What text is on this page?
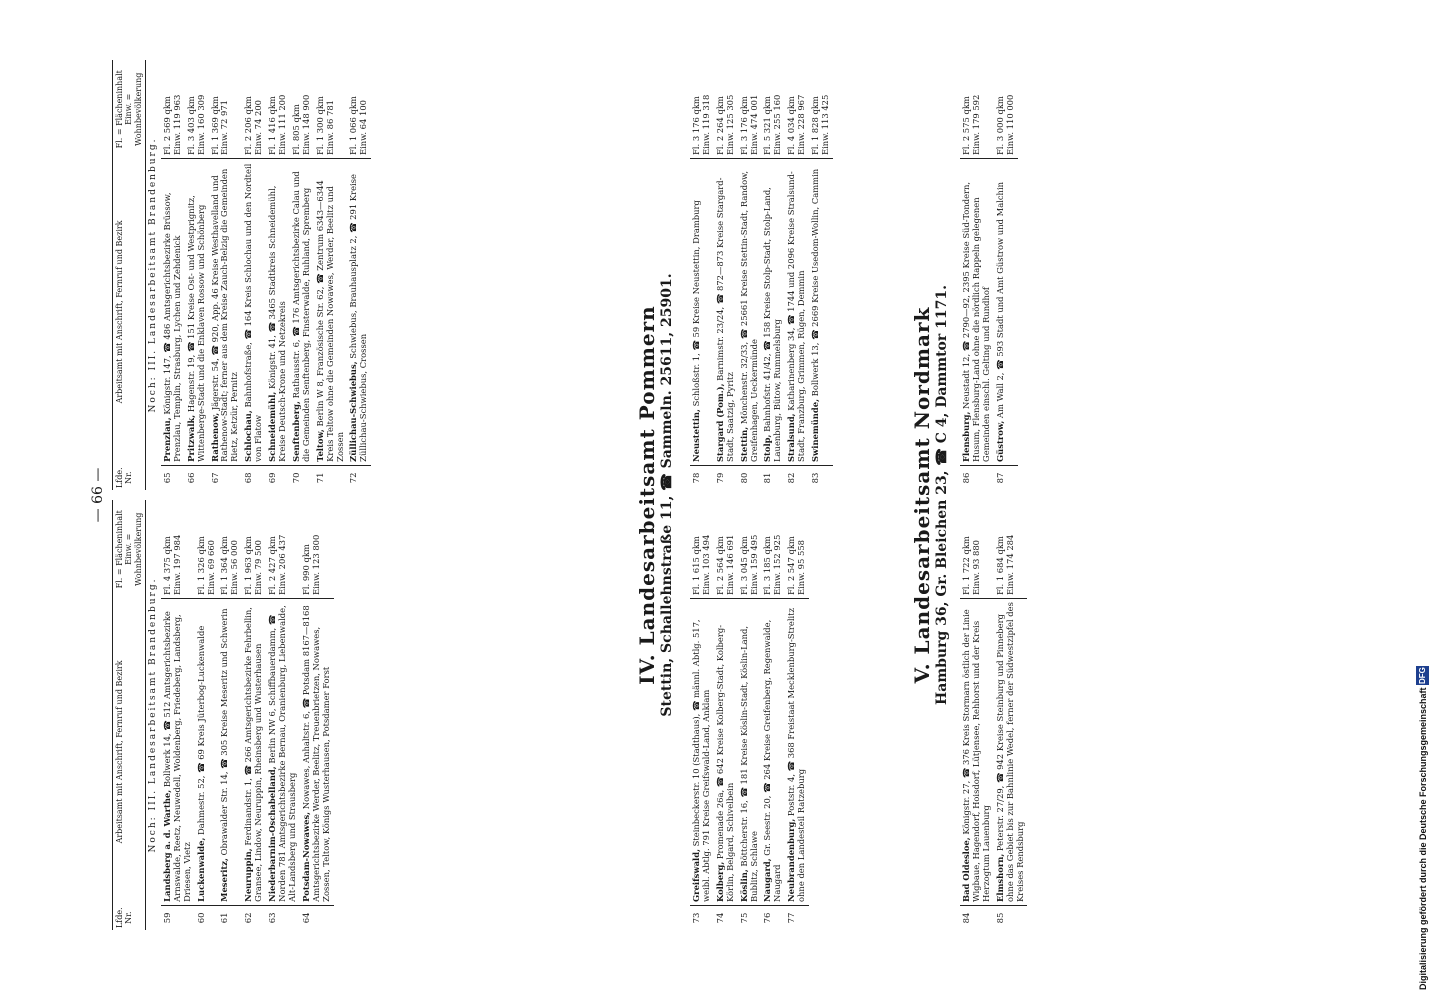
— 66 —
Lfde. Nr.	Arbeitsamt mit Anschrift, Fernruf und Bezirk	Fl. = Flächeninhalt Einw. = Wohnbevölkerung
Noch: III. Landesarbeitsamt Brandenburg.		
59	Landsberg a. d. Warthe, Bollwerk 14, ☎ 512 Amtsgerichtsbezirke Arnswalde, Reetz, Neuwedell, Woldenberg, Friedeberg, Landsberg, Driesen, Vietz	Fl. 4 375 qkm Einw. 197 984

60	Luckenwalde, Dahmestr. 52, ☎ 69 Kreis Jüterbog-Luckenwalde	Fl. 1 326 qkm Einw. 69 660

61	Meseritz, Obrawalder Str. 14, ☎ 305 Kreise Meseritz und Schwerin	Fl. 1 364 qkm Einw. 56 000

62	Neuruppin, Ferdinandstr. 1, ☎ 266 Amtsgerichtsbezirke Fehrbellin, Gransee, Lindow, Neuruppin, Rheinsberg und Wusterhausen	Fl. 1 963 qkm Einw. 79 500

63	Niederbarnim-Oschabelland, Berlin NW 6, Schiffbauerdamm, ☎ Norden 781 Amtsgerichtsbezirke Bernau, Oranienburg, Liebenwalde, Alt-Landsberg und Strausberg	Fl. 2 427 qkm Einw. 206 437

64	Potsdam-Nowawes, Nowawes, Anhaltstr. 6, ☎ Potsdam 8167—8168 Amtsgerichtsbezirke Werder, Beelitz, Treuenbrietzen, Nowawes, Zossen, Teltow, Königs Wusterhausen, Potsdamer Forst	Fl. 990 qkm Einw. 123 800
Lfde. Nr.	Arbeitsamt mit Anschrift, Fernruf und Bezirk	Fl. = Flächeninhalt Einw. = Wohnbevölkerung
Noch: III. Landesarbeitsamt Brandenburg.		
65	Prenzlau, Königstr. 147, ☎ 486 Amtsgerichtsbezirke Brüssow, Prenzlau, Templin, Strasburg, Lychen und Zehdenick	Fl. 2 569 qkm Einw. 119 963

66	Pritzwalk, Hagenstr. 19, ☎ 151 Kreise Ost- und Westprignitz, Wittenberge-Stadt und die Enklaven Rossow und Schönberg	Fl. 3 403 qkm Einw. 160 309

67	Rathenow, Jägerstr. 54, ☎ 920, App. 46 Kreise Westhavelland und Rathenow-Stadt; ferner aus dem Kreise Zauch-Belzig die Gemeinden Rietz, Ketzür, Pernitz	Fl. 1 369 qkm Einw. 72 971

68	Schlochau, Bahnhofstraße, ☎ 164 Kreis Schlochau und den Nordteil von Flatow	Fl. 2 206 qkm Einw. 74 200

69	Schneidemühl, Königstr. 41, ☎ 3465 Stadtkreis Schneidemühl, Kreise Deutsch-Krone und Netzekreis	Fl. 1 416 qkm Einw. 111 200

70	Senftenberg, Rathausstr. 6, ☎ 176 Amtsgerichtsbezirke Calau und die Gemeinden Senftenberg, Finsterwalde, Ruhland, Spremberg	Fl. 805 qkm Einw. 148 900

71	Teltow, Berlin W 8, Französische Str. 62, ☎ Zentrum 6343—6344 Kreis Teltow ohne die Gemeinden Nowawes, Werder, Beelitz und Zossen	Fl. 1 300 qkm Einw. 86 781

72	Züllichau-Schwiebus, Schwiebus, Brauhausplatz 2, ☎ 291 Kreise Züllichau-Schwiebus, Crossen	Fl. 1 066 qkm Einw. 64 100
IV. Landesarbeitsamt Pommern Stettin, Schallehnstraße 11, ☎ Sammeln. 25611, 25901.
73	Greifswald, Steinbeckerstr. 10 (Stadthaus), ☎ männl. Abtlg. 517, weibl. Abtlg. 791 Kreise Greifswald-Land, Anklam	Fl. 1 615 qkm Einw. 103 494

74	Kolberg, Promenade 26a, ☎ 642 Kreise Kolberg-Stadt, Kolberg-Körlin, Belgard, Schivelbein	Fl. 2 564 qkm Einw. 146 691

75	Köslin, Böttcherstr. 16, ☎ 181 Kreise Köslin-Stadt, Köslin-Land, Bublitz, Schlawe	Fl. 3 045 qkm Einw. 159 495

76	Naugard, Gr. Seestr. 20, ☎ 264 Kreise Greifenberg, Regenwalde, Naugard	Fl. 3 185 qkm Einw. 152 925

77	Neubrandenburg, Poststr. 4, ☎ 368 Freistaat Mecklenburg-Strelitz ohne den Landesteil Ratzeburg	Fl. 2 547 qkm Einw. 95 558
78	Neustettin, Schloßstr. 1, ☎ 59 Kreise Neustettin, Dramburg	Fl. 3 176 qkm Einw. 119 318

79	Stargard (Pom.), Barnimstr. 23/24, ☎ 872—873 Kreise Stargard-Stadt, Saatzig, Pyritz	Fl. 2 264 qkm Einw. 125 305

80	Stettin, Mönchenstr. 32/33, ☎ 25661 Kreise Stettin-Stadt, Randow, Greifenhagen, Ueckermünde	Fl. 3 176 qkm Einw. 474 001

81	Stolp, Bahnhofstr. 41/42, ☎ 158 Kreise Stolp-Stadt, Stolp-Land, Lauenburg, Bütow, Rummelsburg	Fl. 5 321 qkm Einw. 255 160

82	Stralsund, Katharinenberg 34, ☎ 1744 und 2096 Kreise Stralsund-Stadt, Franzburg, Grimmen, Rügen, Demmin	Fl. 4 034 qkm Einw. 228 967

83	Swinemünde, Bollwerk 13, ☎ 2669 Kreise Usedom-Wollin, Cammin	Fl. 1 828 qkm Einw. 113 425
V. Landesarbeitsamt Nordmark Hamburg 36, Gr. Bleichen 23, ☎ C 4, Dammtor 1171.
84	Bad Oldesloe, Königstr. 27, ☎ 376 Kreis Stormarn östlich der Linie Wigbaue, Hagendorf, Hoisdorf, Lütjensee, Rehhorst und der Kreis Herzogtum Lauenburg	Fl. 1 722 qkm Einw. 93 880

85	Elmshorn, Peterstr. 27/29, ☎ 942 Kreise Steinburg und Pinneberg ohne das Gebiet bis zur Bahnlinie Wedel, ferner der Südwestzipfel des Kreises Rendsburg	Fl. 1 684 qkm Einw. 174 284
86	Flensburg, Neustadt 12, ☎ 2790—92, 2395 Kreise Süd-Tondern, Husum, Flensburg-Land ohne die nördlich Rappeln gelegenen Gemeinden einschl. Gelting und Rundhof	Fl. 2 575 qkm Einw. 179 592

87	Güstrow, Am Wall 2, ☎ 593 Stadt und Amt Güstrow und Malchin	Fl. 3 000 qkm Einw. 110 000
Digitalisierung gefördert durch die Deutsche Forschungsgemeinschaft DFG
